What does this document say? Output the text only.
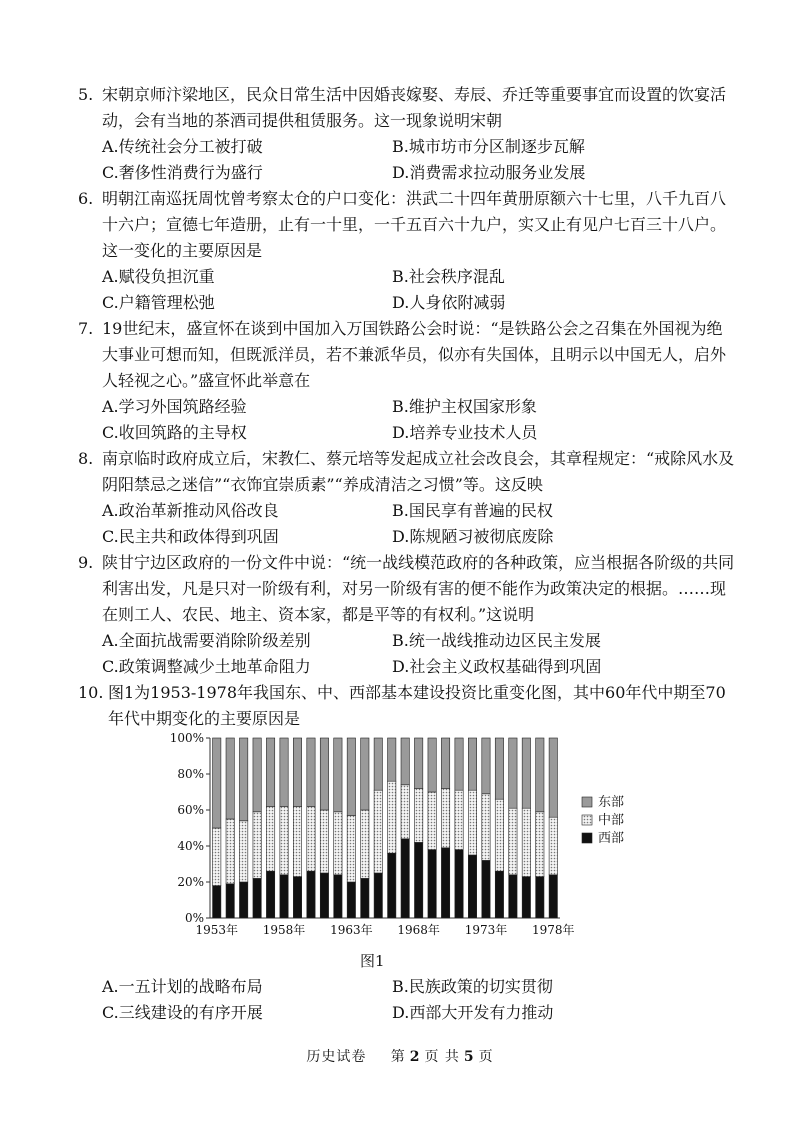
5. 宋朝京师汴梁地区，民众日常生活中因婚丧嫁娶、寿辰、乔迁等重要事宜而设置的饮宴活动，会有当地的茶酒司提供租赁服务。这一现象说明宋朝

A.传统社会分工被打破	B.城市坊市分区制逐步瓦解
C.奢侈性消费行为盛行	D.消费需求拉动服务业发展

6. 明朝江南巡抚周忱曾考察太仓的户口变化：洪武二十四年黄册原额六十七里，八千九百八十六户；宣德七年造册，止有一十里，一千五百六十九户，实又止有见户七百三十八户。这一变化的主要原因是

A.赋役负担沉重	B.社会秩序混乱
C.户籍管理松弛	D.人身依附减弱

7. 19世纪末，盛宣怀在谈到中国加入万国铁路公会时说：“是铁路公会之召集在外国视为绝大事业可想而知，但既派洋员，若不兼派华员，似亦有失国体，且明示以中国无人，启外人轻视之心。”盛宣怀此举意在

A.学习外国筑路经验	B.维护主权国家形象
C.收回筑路的主导权	D.培养专业技术人员

8. 南京临时政府成立后，宋教仁、蔡元培等发起成立社会改良会，其章程规定：“戒除风水及阴阳禁忌之迷信”“衣饰宜崇质素”“养成清洁之习惯”等。这反映

A.政治革新推动风俗改良	B.国民享有普遍的民权
C.民主共和政体得到巩固	D.陈规陋习被彻底废除

9. 陕甘宁边区政府的一份文件中说：“统一战线模范政府的各种政策，应当根据各阶级的共同利害出发，凡是只对一阶级有利，对另一阶级有害的便不能作为政策决定的根据。……现在则工人、农民、地主、资本家，都是平等的有权利。”这说明

A.全面抗战需要消除阶级差别	B.统一战线推动边区民主发展
C.政策调整减少土地革命阻力	D.社会主义政权基础得到巩固

10. 图1为1953-1978年我国东、中、西部基本建设投资比重变化图，其中60年代中期至70年代中期变化的主要原因是

0%
20%
40%
60%
80%
100%
1953年 1958年 1963年 1968年 1973年 1978年
东部
中部
西部
图1
A.一五计划的战略布局	B.民族政策的切实贯彻
C.三线建设的有序开展	D.西部大开发有力推动
历史试卷 第 2 页 共 5 页
